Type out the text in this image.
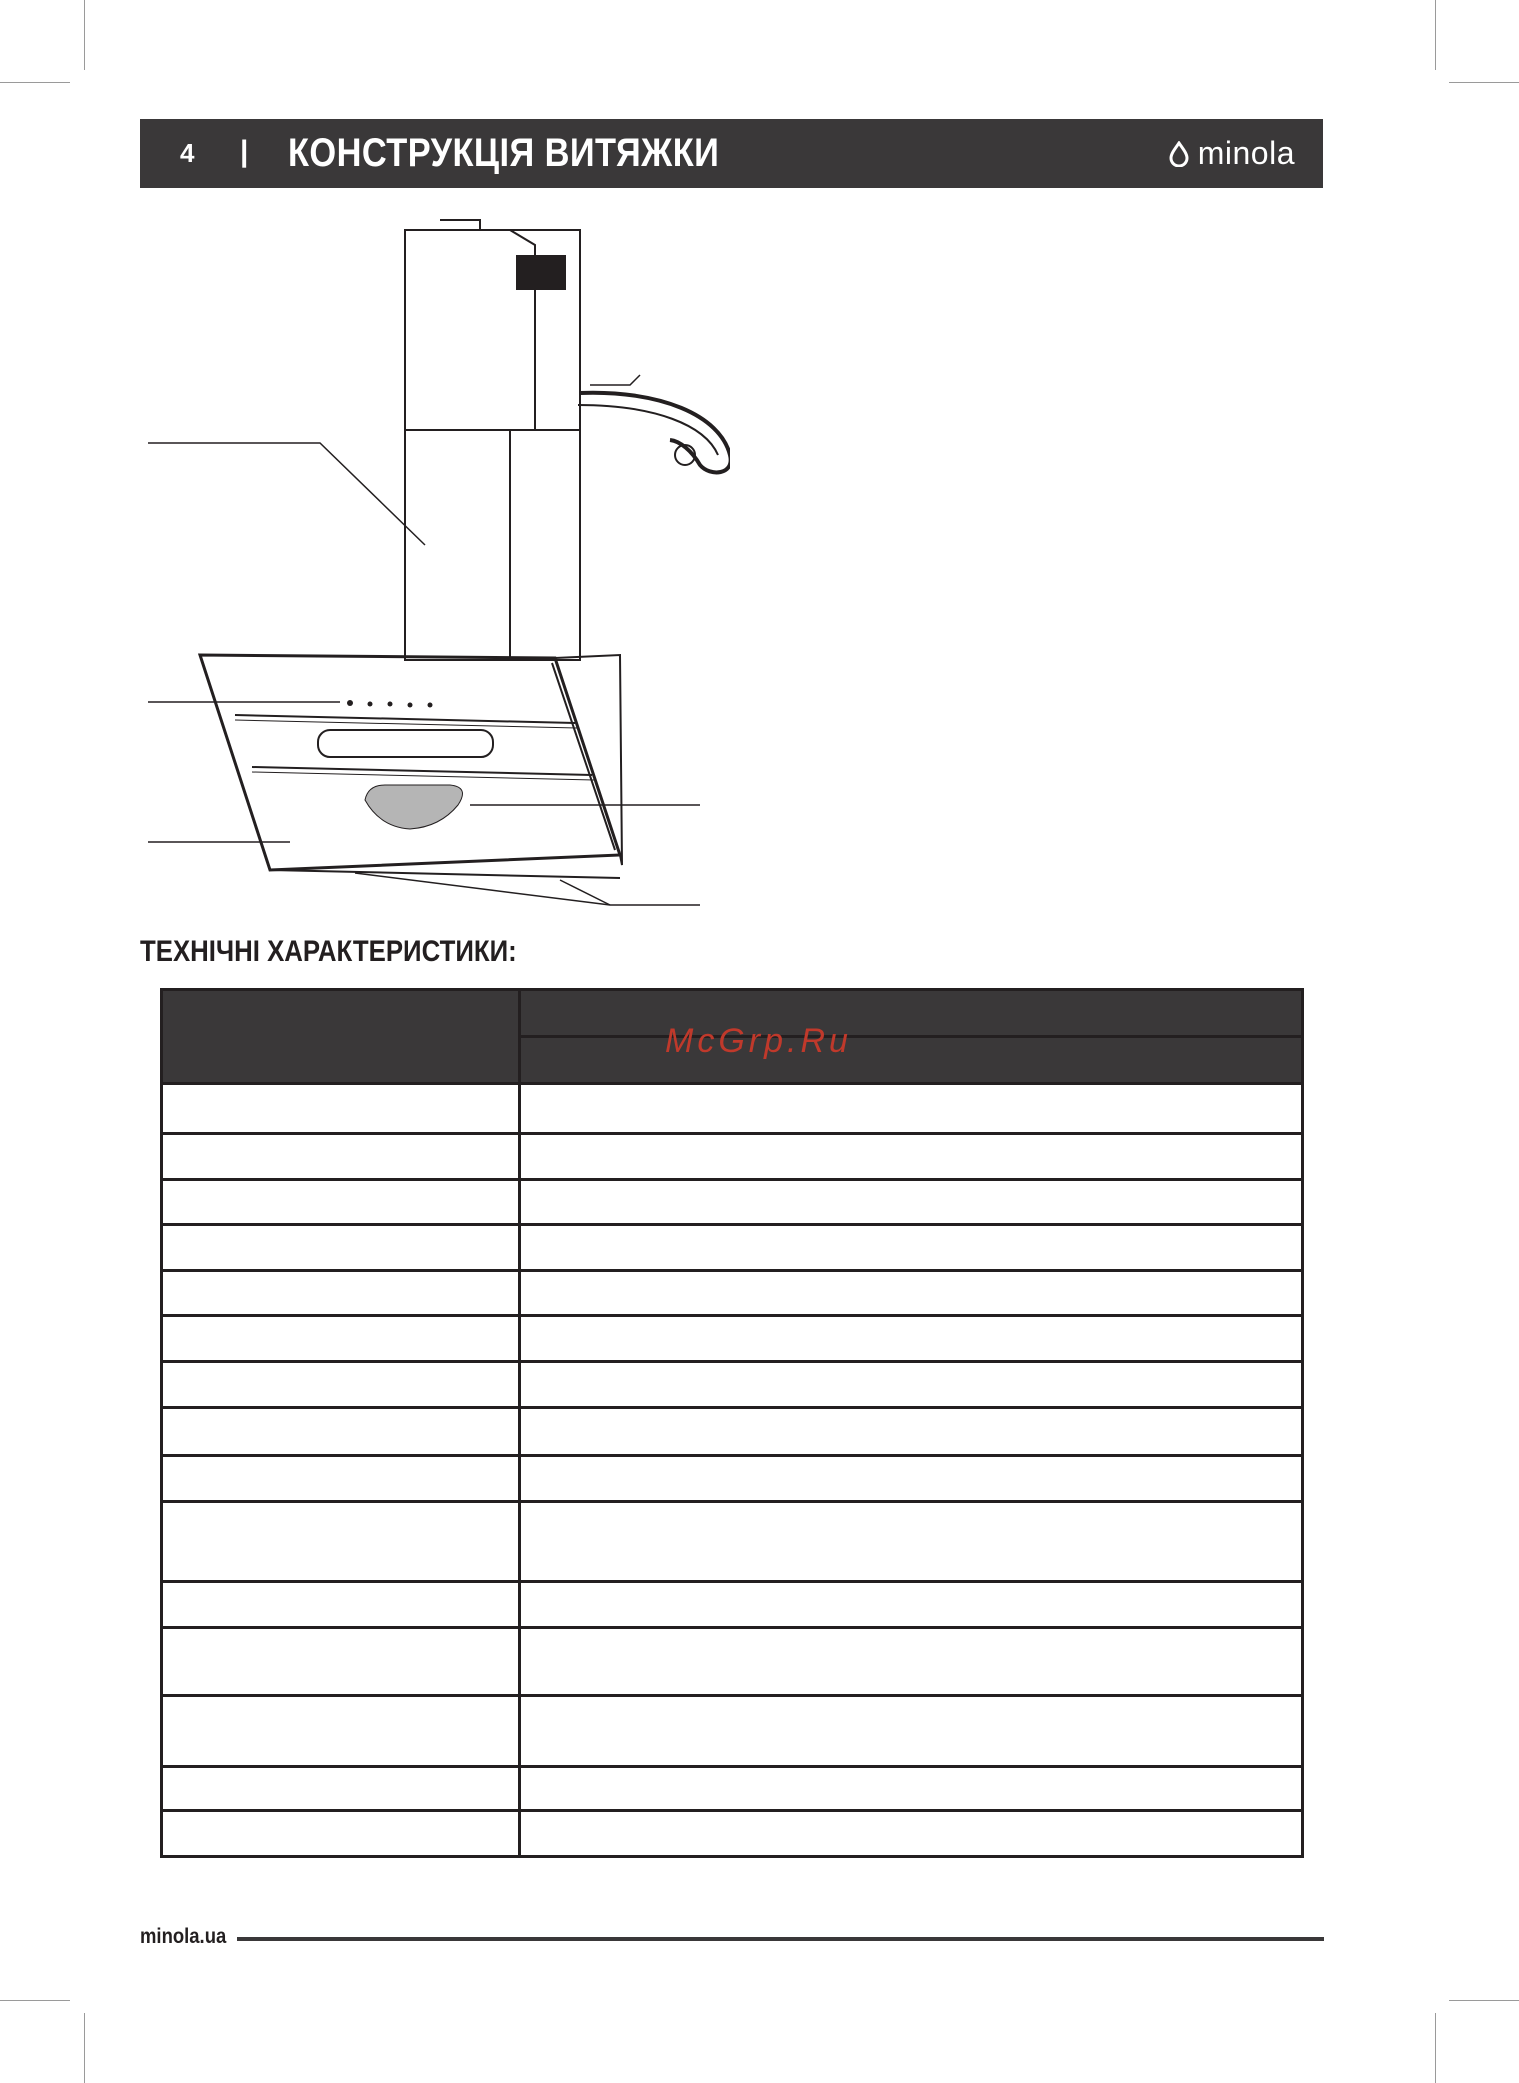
4 | КОНСТРУКЦІЯ ВИТЯЖКИ	minola
ТЕХНІЧНІ ХАРАКТЕРИСТИКИ:

McGrp.Ru
minola.ua
